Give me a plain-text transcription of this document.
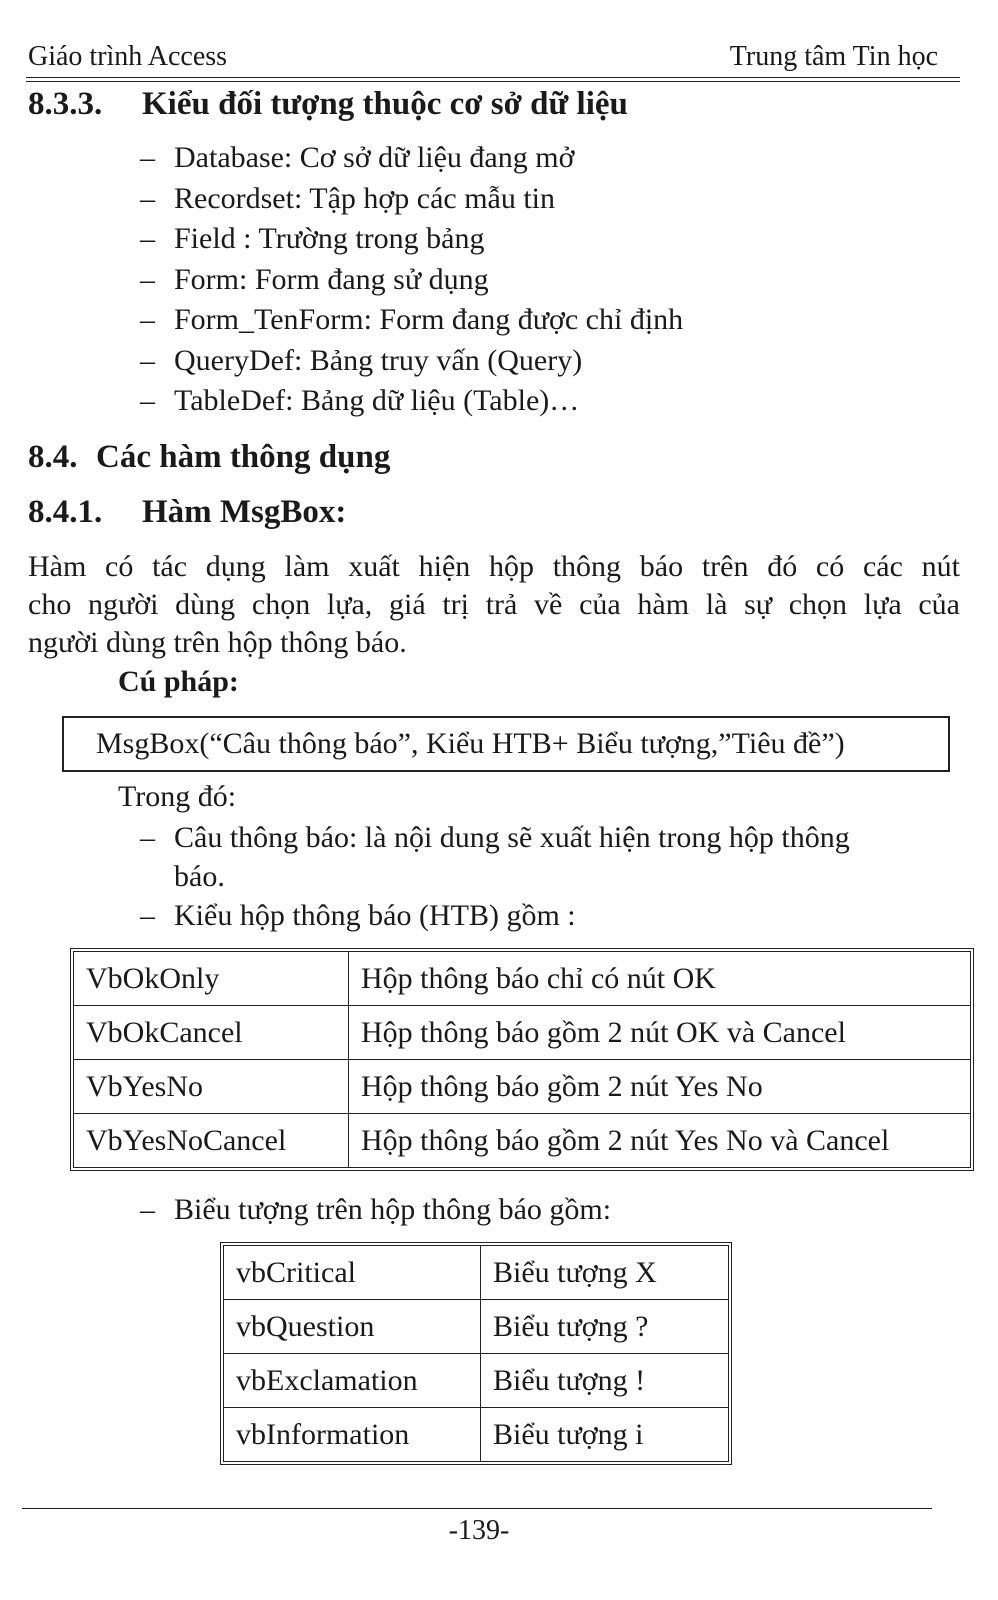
Giáo trình Access	Trung tâm Tin học
8.3.3. Kiểu đối tượng thuộc cơ sở dữ liệu
– Database: Cơ sở dữ liệu đang mở
– Recordset: Tập hợp các mẫu tin
– Field : Trường trong bảng
– Form: Form đang sử dụng
– Form_TenForm: Form đang được chỉ định
– QueryDef: Bảng truy vấn (Query)
– TableDef: Bảng dữ liệu (Table)…
8.4. Các hàm thông dụng
8.4.1. Hàm MsgBox:
Hàm có tác dụng làm xuất hiện hộp thông báo trên đó có các nút
cho người dùng chọn lựa, giá trị trả về của hàm là sự chọn lựa của
người dùng trên hộp thông báo.
Cú pháp:
MsgBox(“Câu thông báo”, Kiểu HTB+ Biểu tượng,”Tiêu đề”)
Trong đó:
– Câu thông báo: là nội dung sẽ xuất hiện trong hộp thông
báo.
– Kiểu hộp thông báo (HTB) gồm :
VbOkOnly	Hộp thông báo chỉ có nút OK
VbOkCancel	Hộp thông báo gồm 2 nút OK và Cancel
VbYesNo	Hộp thông báo gồm 2 nút Yes No
VbYesNoCancel	Hộp thông báo gồm 2 nút Yes No và Cancel
– Biểu tượng trên hộp thông báo gồm:
vbCritical	Biểu tượng X
vbQuestion	Biểu tượng ?
vbExclamation	Biểu tượng !
vbInformation	Biểu tượng i
-139-
